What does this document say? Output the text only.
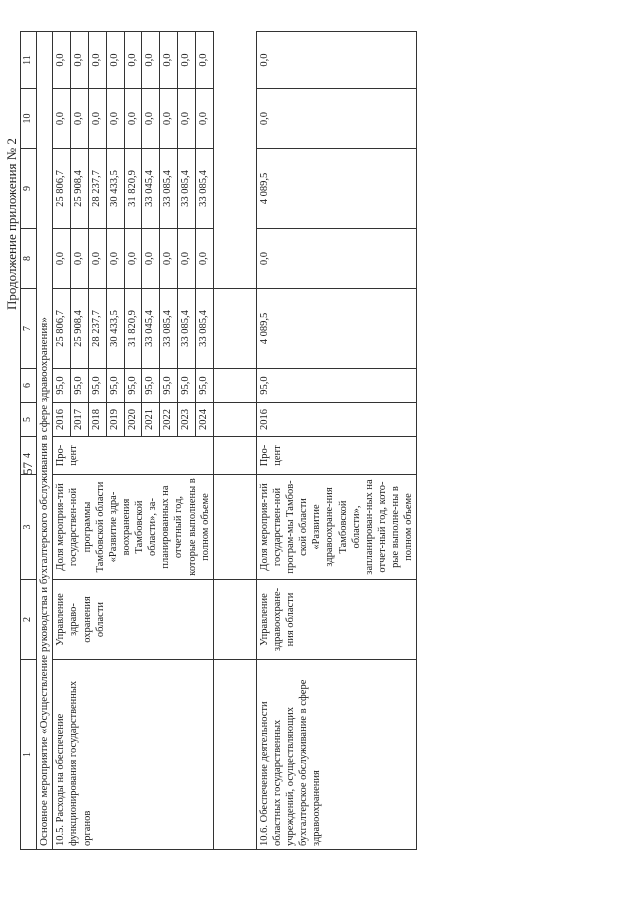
Продолжение приложения № 2
57
1	2	3	4	5	6	7	8	9	10	11
Основное мероприятие «Осуществление руководства и бухгалтерского обслуживания в сфере здравоохранения»										
10.5. Расходы на обеспечение функционирования государственных органов	Управление здраво-охранения области	Доля мероприя-тий государствен-ной программы Тамбовской области «Развитие здра-воохранения Тамбовской области», за-планированных на отчетный год, которые выполнены в полном объеме	Про-цент	2016	95,0	25 806,7	0,0	25 806,7	0,0	0,0
				2017	95,0	25 908,4	0,0	25 908,4	0,0	0,0
				2018	95,0	28 237,7	0,0	28 237,7	0,0	0,0
				2019	95,0	30 433,5	0,0	30 433,5	0,0	0,0
				2020	95,0	31 820,9	0,0	31 820,9	0,0	0,0
				2021	95,0	33 045,4	0,0	33 045,4	0,0	0,0
				2022	95,0	33 085,4	0,0	33 085,4	0,0	0,0
				2023	95,0	33 085,4	0,0	33 085,4	0,0	0,0
				2024	95,0	33 085,4	0,0	33 085,4	0,0	0,0

10.6. Обеспечение деятельности областных государственных учреждений, осуществляющих бухгалтерское обслуживание в сфере здравоохранения	Управление здравоохране-ния области	Доля мероприя-тий государствен-ной програм-мы Тамбов-ской области «Развитие здравоохране-ния Тамбовской области», запланирован-ных на отчет-ный год, кото-рые выполне-ны в полном объеме	Про-цент	2016	95,0	4 089,5	0,0	4 089,5	0,0	0,0
